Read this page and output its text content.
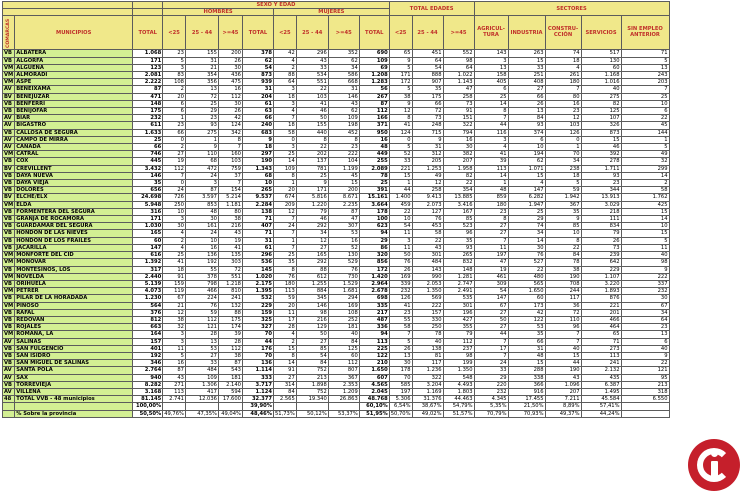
			SEXO Y EDAD								TOTAL EDADES			SECTORES				
			HOMBRES				MUJERES											
COMARCAS	MUNICIPIOS	TOTAL	<25	25 - 44	>=45	TOTAL	<25	25 - 44	>=45	TOTAL	<25	25 - 44	>=45	AGRICUL-TURA	INDUSTRIA	CONSTRU-CCIÓN	SERVICIOS	SIN EMPLEO ANTERIOR
VB	ALBATERA	1.068	23	155	200	378	42	296	352	690	65	451	552	143	263	74	517	71
VB	ALGORFA	171	5	31	26	62	4	43	62	109	9	64	98	3	15	18	130	5
VM	ALGUEÑA	123	3	21	30	54	2	33	34	69	5	54	64	13	33	4	60	13
VM	ALMORADI	2.081	83	354	436	873	88	534	586	1.208	171	888	1.022	158	251	261	1.168	243
VM	ASPE	2.222	108	356	475	939	64	551	668	1.283	172	907	1.143	405	408	180	1.016	203
AV	BENEIXAMA	87	2	13	16	31	3	22	31	56	5	35	47	6	27	7	40	7
BV	BENEJUZAR	471	20	72	112	204	18	103	146	267	38	175	258	25	66	80	275	25
VB	BENFERRI	148	6	25	30	61	3	41	43	87	9	66	73	14	26	16	82	10
VB	BENIJOFAR	175	6	29	26	63	4	46	62	112	12	72	91	8	13	23	125	6
AV	BIAR	232	1	23	42	66	7	50	109	166	8	73	151	7	84	12	107	22
AV	BIGASTRO	611	23	93	124	240	18	155	198	371	41	248	322	44	93	103	326	45
VB	CALLOSA DE SEGURA	1.633	66	275	342	683	58	440	452	950	124	715	794	116	374	126	873	144
AV	CAMPO DE MIRRA	25	0	1	8	9	0	8	8	16	0	9	16	3	6	0	15	1
AV	CAÑADA	66	2	9	7	18	3	22	23	48	5	31	30	4	10	1	46	5
VM	CATRAL	746	27	110	160	297	25	202	222	449	52	312	382	41	194	70	392	49
VB	COX	445	19	68	103	190	14	137	104	255	33	205	207	39	62	34	278	32
BV	CREVILLENT	3.432	112	472	759	1.343	109	781	1.199	2.089	221	1.253	1.958	113	1.071	238	1.711	299
VB	DAYA NUEVA	146	7	24	37	68	8	25	45	78	15	49	82	14	15	18	93	14
VB	DAYA VIEJA	35	0	3	7	10	1	9	15	25	1	12	22	1	4	5	23	2
VB	DOLORES	656	24	87	154	265	20	171	200	391	44	258	354	48	147	59	344	58
BV	ELCHE/ELX	24.698	726	3.597	5.214	9.537	674	5.816	8.671	15.161	1.400	9.413	13.885	859	6.282	1.942	13.913	1.762
VM	ELDA	5.948	250	853	1.181	2.284	209	1.220	2.235	3.664	459	2.073	3.416	180	1.947	367	3.029	425
VB	FORMENTERA DEL SEGURA	316	10	48	80	138	12	79	87	178	22	127	167	23	25	35	218	15
VB	GRANJA DE ROCAMORA	171	3	30	38	71	7	46	47	100	10	76	85	8	29	9	111	14
VB	GUARDAMAR DEL SEGURA	1.030	30	161	216	407	24	292	307	623	54	453	523	27	74	85	834	10
VB	HONDÓN DE LAS NIEVES	165	4	24	43	71	7	34	53	94	11	58	96	27	34	10	79	15
VB	HONDÓN DE LOS FRAILES	60	2	10	19	31	1	12	16	29	3	22	35	7	14	8	26	5
VB	JACARILLA	147	4	16	41	61	7	27	52	86	11	43	93	11	30	22	73	11
VM	MONFORTE DEL CID	616	25	136	135	296	25	165	130	320	50	301	265	197	76	84	239	40
VM	MONOVAR	1.392	41	192	303	536	35	292	529	856	76	484	832	47	527	78	642	98
VB	MONTESINOS, LOS	317	18	55	72	145	8	88	76	172	26	143	148	19	22	38	229	9
VM	NOVELDA	2.440	91	378	551	1.020	76	612	730	1.420	169	990	1.281	461	480	190	1.107	222
VB	ORIHUELA	5.139	159	798	1.218	2.175	180	1.255	1.529	2.964	339	2.053	2.747	309	565	708	3.220	337
VM	PETRER	4.073	119	466	810	1.395	113	884	1.681	2.678	232	1.350	2.491	54	1.650	244	1.893	232
VB	PILAR DE LA HORADADA	1.230	67	224	241	532	59	345	294	698	126	569	535	147	60	117	876	30
VM	PINOSO	564	21	76	132	229	20	146	169	335	41	222	301	67	173	36	221	67
VB	RAFAL	376	12	59	88	159	11	98	108	217	23	157	196	27	42	72	201	34
VB	REDOVAN	812	38	112	175	325	17	216	252	487	55	330	427	50	122	110	466	64
VB	ROJALES	663	32	121	174	327	28	129	181	336	58	250	355	27	53	96	464	23
VM	ROMANA, LA	164	3	28	39	70	4	50	40	94	7	78	79	44	35	7	65	13
AV	SALINAS	157	3	13	28	44	2	27	84	113	5	40	112	7	66	7	71	6
VB	SAN FULGENCIO	401	11	53	112	176	15	85	125	225	26	138	237	17	31	40	273	40
VB	SAN ISIDRO	192	5	27	38	70	8	54	60	122	13	81	98	7	48	15	113	9
VB	SAN MIGUEL DE SALINAS	346	16	33	87	136	14	84	112	210	30	117	199	24	15	44	241	22
AV	SANTA POLA	2.764	87	484	543	1.114	91	752	807	1.650	178	1.236	1.350	33	288	190	2.132	121
AV	SAX	940	43	109	181	333	27	213	367	607	70	322	548	29	338	43	435	95
VB	TORREVIEJA	8.282	271	1.306	2.140	3.717	314	1.898	2.353	4.565	585	3.204	4.493	220	366	1.096	6.387	213
AV	VILLENA	3.168	113	417	594	1.124	84	752	1.209	2.045	197	1.169	1.803	232	916	207	1.495	318
48	TOTAL VVB - 48 municipios	81.145	2.741	12.036	17.600	32.377	2.565	19.340	26.863	48.768	5.306	31.376	44.463	4.345	17.455	7.211	45.584	6.550
		100,00%				39,90%				60,10%	6,54%	38,67%	54,79%	5,35%	21,50%	8,89%	57,41%	
	% Sobre la provincia	50,50%	49,76%	47,35%	49,04%	48,46%	51,73%	50,12%	53,37%	51,95%	50,70%	49,02%	51,57%	70,79%	70,93%	49,37%	44,24%	
